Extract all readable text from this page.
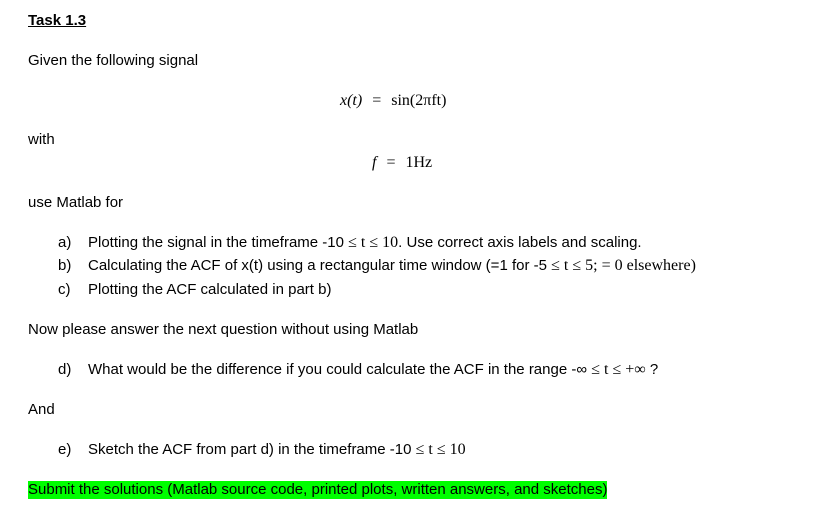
Task 1.3
Given the following signal
x(t) = sin(2πft)
with
f = 1Hz
use Matlab for
a) Plotting the signal in the timeframe -10 ≤ t ≤ 10. Use correct axis labels and scaling.
b) Calculating the ACF of x(t) using a rectangular time window (=1 for -5 ≤ t ≤ 5; = 0 elsewhere)
c) Plotting the ACF calculated in part b)
Now please answer the next question without using Matlab
d) What would be the difference if you could calculate the ACF in the range -∞ ≤ t ≤ +∞ ?
And
e) Sketch the ACF from part d) in the timeframe -10 ≤ t ≤ 10
Submit the solutions (Matlab source code, printed plots, written answers, and sketches)
